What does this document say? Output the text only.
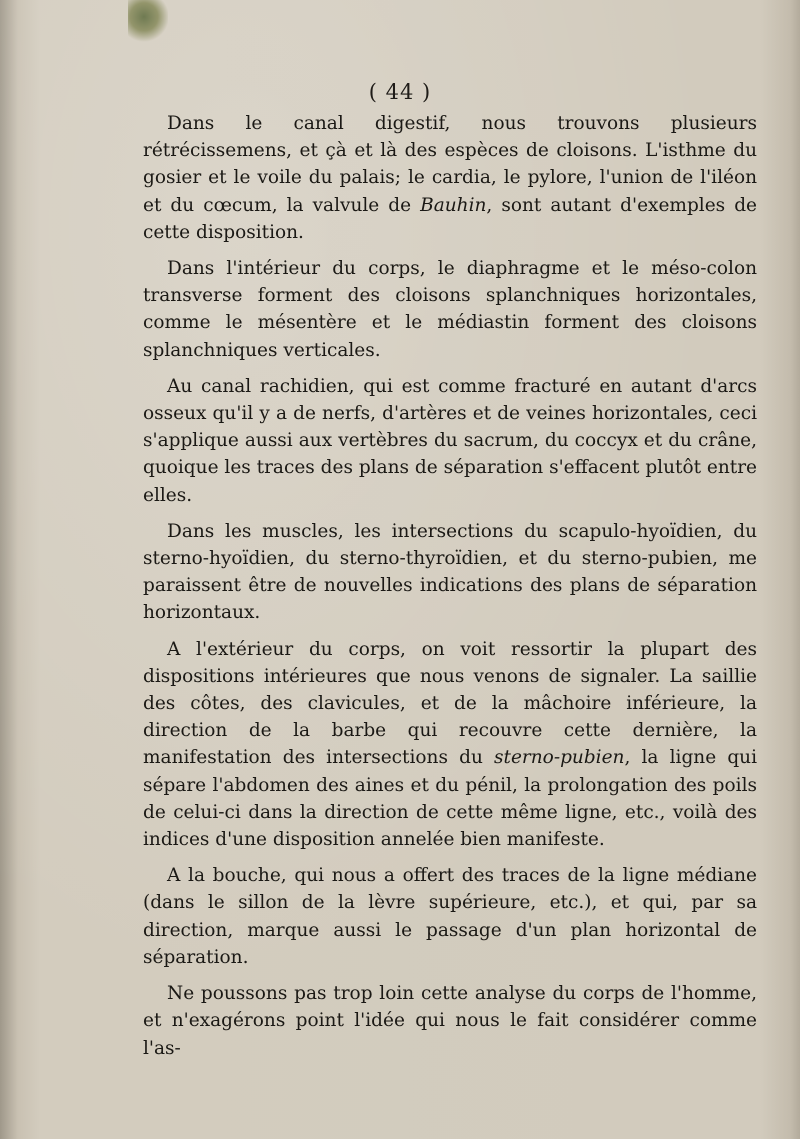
( 44 )

Dans le canal digestif, nous trouvons plusieurs rétrécissemens, et çà et là des espèces de cloisons. L'isthme du gosier et le voile du palais; le cardia, le pylore, l'union de l'iléon et du cœcum, la valvule de Bauhin, sont autant d'exemples de cette disposition.

Dans l'intérieur du corps, le diaphragme et le méso-colon transverse forment des cloisons splanchniques horizontales, comme le mésentère et le médiastin forment des cloisons splanchniques verticales.

Au canal rachidien, qui est comme fracturé en autant d'arcs osseux qu'il y a de nerfs, d'artères et de veines horizontales, ceci s'applique aussi aux vertèbres du sacrum, du coccyx et du crâne, quoique les traces des plans de séparation s'effacent plutôt entre elles.

Dans les muscles, les intersections du scapulo-hyoïdien, du sterno-hyoïdien, du sterno-thyroïdien, et du sterno-pubien, me paraissent être de nouvelles indications des plans de séparation horizontaux.

A l'extérieur du corps, on voit ressortir la plupart des dispositions intérieures que nous venons de signaler. La saillie des côtes, des clavicules, et de la mâchoire inférieure, la direction de la barbe qui recouvre cette dernière, la manifestation des intersections du sterno-pubien, la ligne qui sépare l'abdomen des aines et du pénil, la prolongation des poils de celui-ci dans la direction de cette même ligne, etc., voilà des indices d'une disposition annelée bien manifeste.

A la bouche, qui nous a offert des traces de la ligne médiane (dans le sillon de la lèvre supérieure, etc.), et qui, par sa direction, marque aussi le passage d'un plan horizontal de séparation.

Ne poussons pas trop loin cette analyse du corps de l'homme, et n'exagérons point l'idée qui nous le fait considérer comme l'as-
